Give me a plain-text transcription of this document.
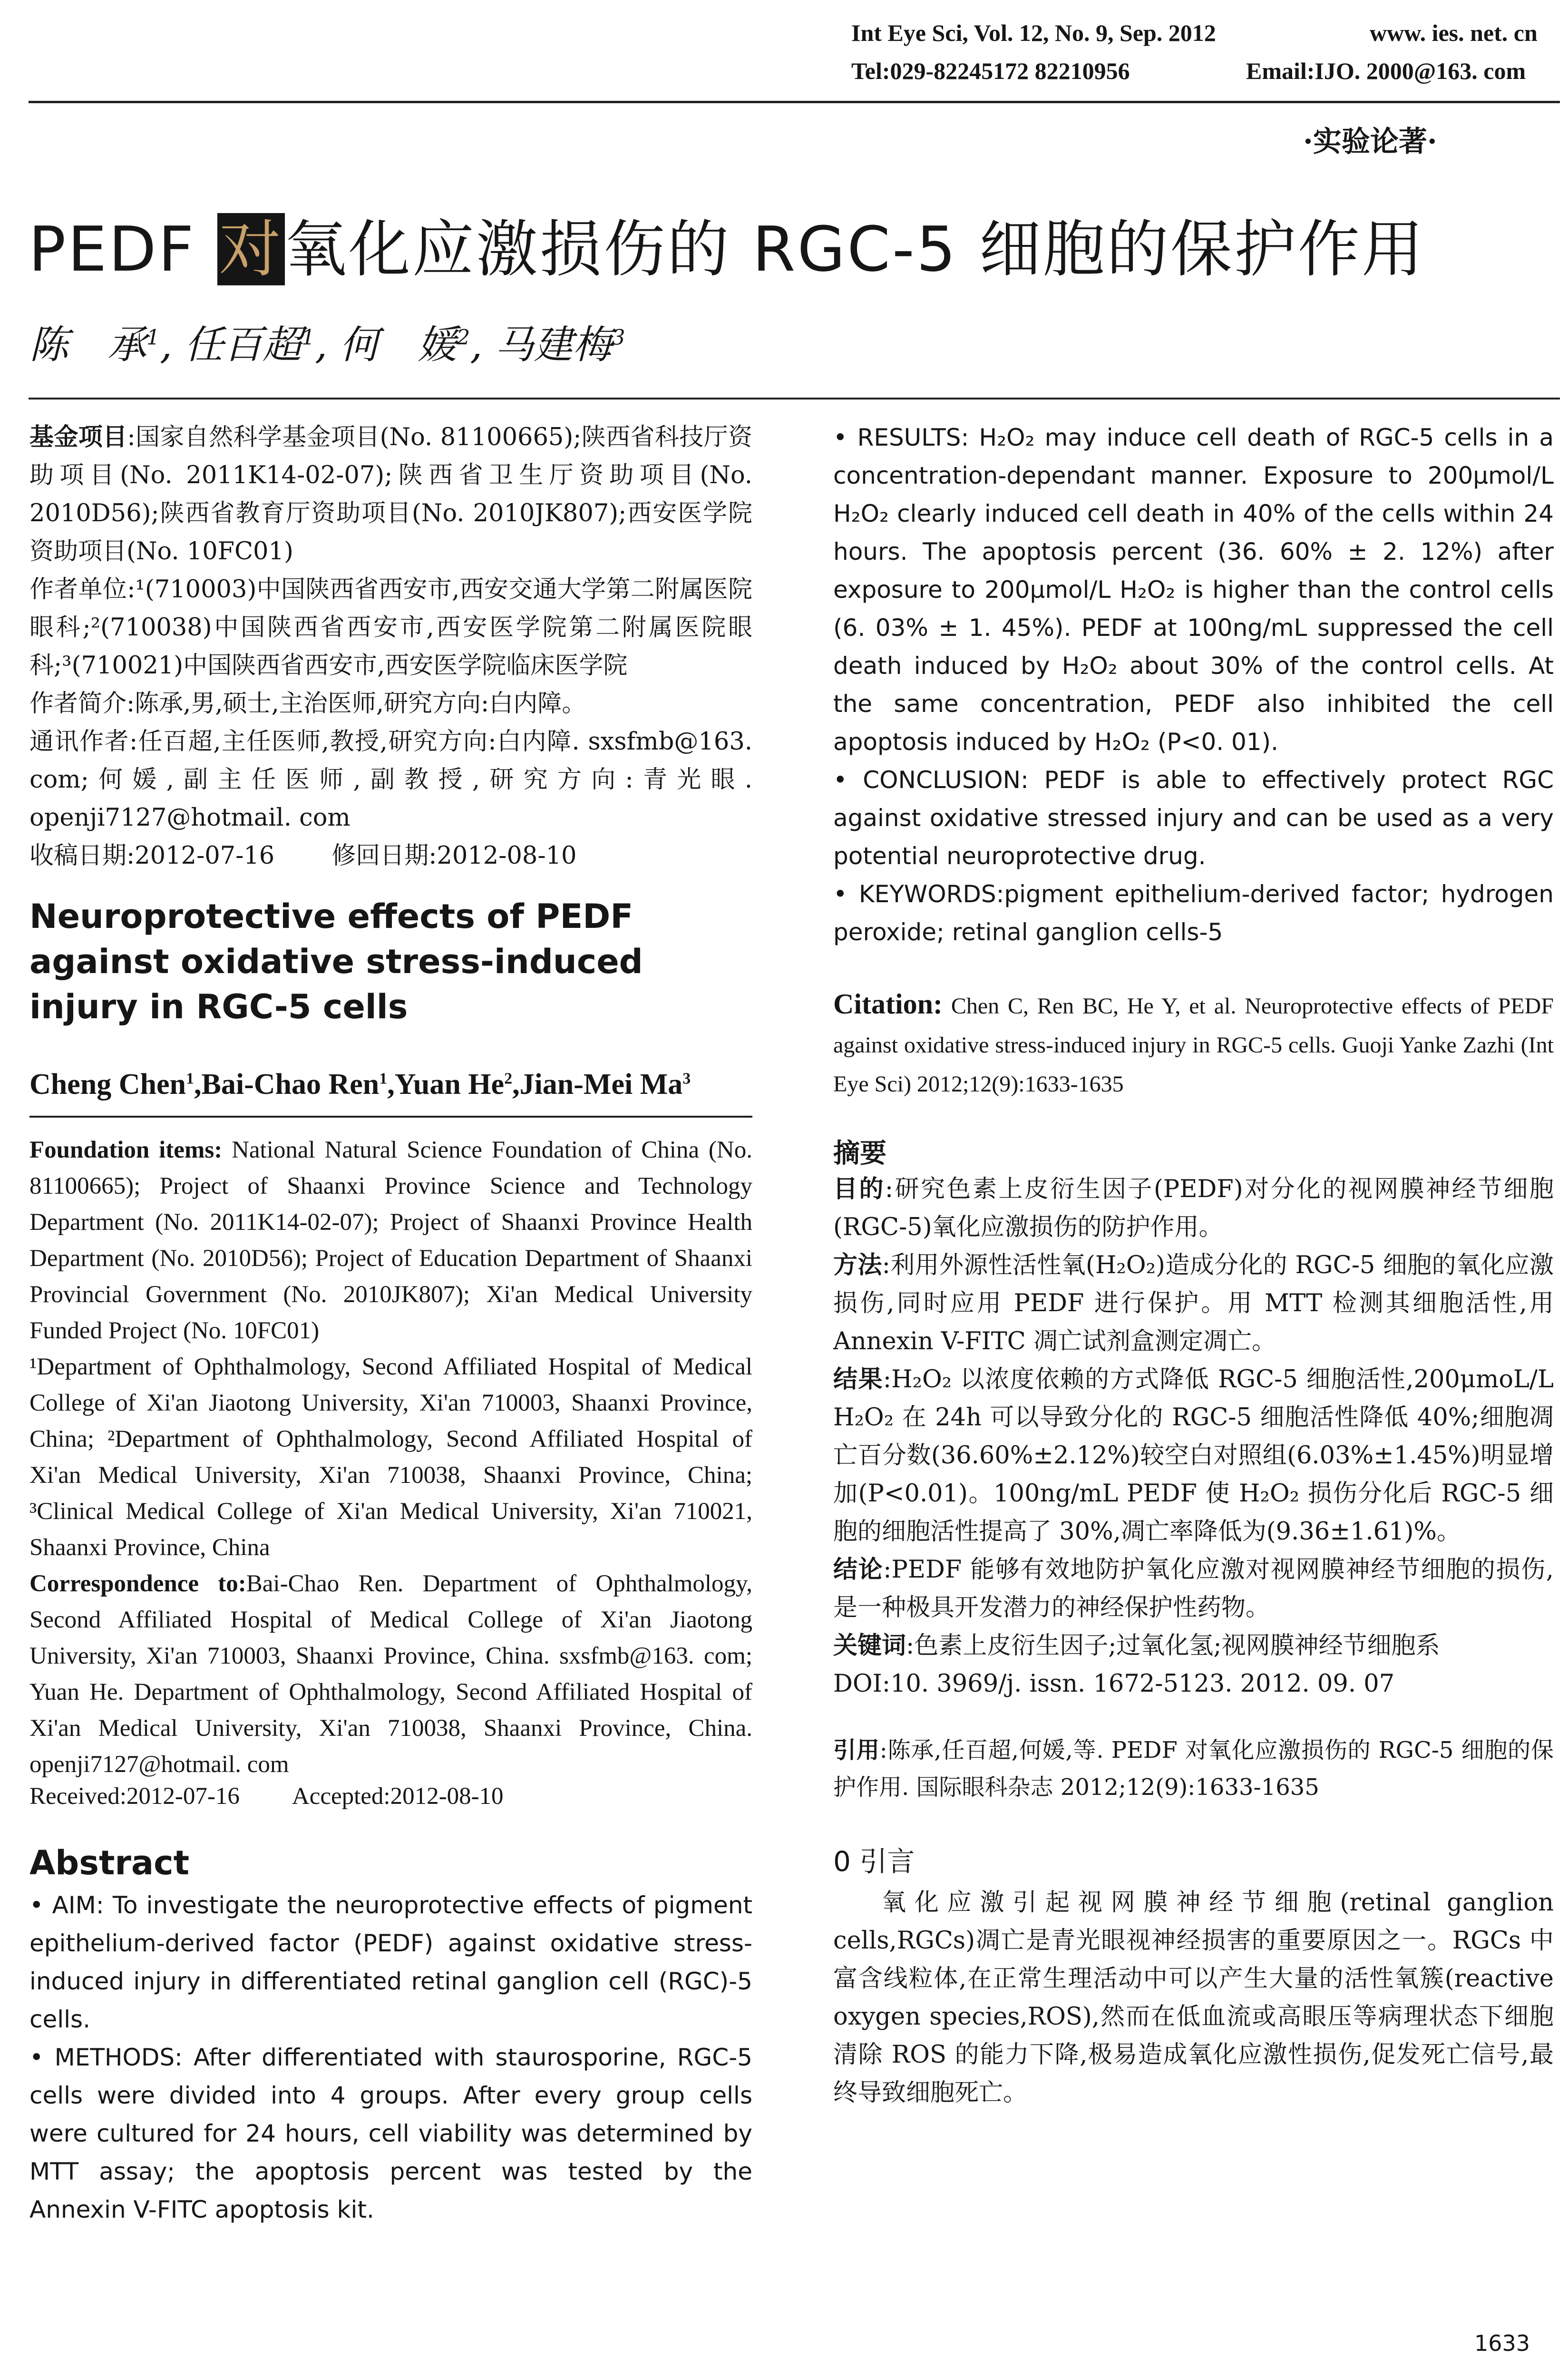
Int Eye Sci, Vol. 12, No. 9, Sep. 2012	www. ies. net. cn
Tel:029-82245172 82210956	Email:IJO. 2000@163. com
·实验论著·
PEDF 对氧化应激损伤的 RGC-5 细胞的保护作用
陈　承$^1$, 任百超$^1$, 何　媛$^2$, 马建梅$^3$
基金项目:国家自然科学基金项目(No. 81100665);陕西省科技厅资助项目(No. 2011K14-02-07);陕西省卫生厅资助项目(No. 2010D56);陕西省教育厅资助项目(No. 2010JK807);西安医学院资助项目(No. 10FC01)
作者单位:¹(710003)中国陕西省西安市,西安交通大学第二附属医院眼科;²(710038)中国陕西省西安市,西安医学院第二附属医院眼科;³(710021)中国陕西省西安市,西安医学院临床医学院
作者简介:陈承,男,硕士,主治医师,研究方向:白内障。
通讯作者:任百超,主任医师,教授,研究方向:白内障. sxsfmb@163. com;何媛,副主任医师,副教授,研究方向:青光眼. openji7127@hotmail. com
收稿日期:2012-07-16 修回日期:2012-08-10
Neuroprotective effects of PEDF against oxidative stress-induced injury in RGC-5 cells
Cheng Chen$^1$,Bai-Chao Ren$^1$,Yuan He$^2$,Jian-Mei Ma$^3$
Foundation items: National Natural Science Foundation of China (No. 81100665); Project of Shaanxi Province Science and Technology Department (No. 2011K14-02-07); Project of Shaanxi Province Health Department (No. 2010D56); Project of Education Department of Shaanxi Provincial Government (No. 2010JK807); Xi'an Medical University Funded Project (No. 10FC01)
¹Department of Ophthalmology, Second Affiliated Hospital of Medical College of Xi'an Jiaotong University, Xi'an 710003, Shaanxi Province, China; ²Department of Ophthalmology, Second Affiliated Hospital of Xi'an Medical University, Xi'an 710038, Shaanxi Province, China; ³Clinical Medical College of Xi'an Medical University, Xi'an 710021, Shaanxi Province, China
Correspondence to:Bai-Chao Ren. Department of Ophthalmology, Second Affiliated Hospital of Medical College of Xi'an Jiaotong University, Xi'an 710003, Shaanxi Province, China. sxsfmb@163. com; Yuan He. Department of Ophthalmology, Second Affiliated Hospital of Xi'an Medical University, Xi'an 710038, Shaanxi Province, China. openji7127@hotmail. com
Received:2012-07-16 Accepted:2012-08-10
Abstract
• AIM: To investigate the neuroprotective effects of pigment epithelium-derived factor (PEDF) against oxidative stress-induced injury in differentiated retinal ganglion cell (RGC)-5 cells.
• METHODS: After differentiated with staurosporine, RGC-5 cells were divided into 4 groups. After every group cells were cultured for 24 hours, cell viability was determined by MTT assay; the apoptosis percent was tested by the Annexin V-FITC apoptosis kit.
• RESULTS: H₂O₂ may induce cell death of RGC-5 cells in a concentration-dependant manner. Exposure to 200μmol/L H₂O₂ clearly induced cell death in 40% of the cells within 24 hours. The apoptosis percent (36. 60% ± 2. 12%) after exposure to 200μmol/L H₂O₂ is higher than the control cells (6. 03% ± 1. 45%). PEDF at 100ng/mL suppressed the cell death induced by H₂O₂ about 30% of the control cells. At the same concentration, PEDF also inhibited the cell apoptosis induced by H₂O₂ (P<0. 01).
• CONCLUSION: PEDF is able to effectively protect RGC against oxidative stressed injury and can be used as a very potential neuroprotective drug.
• KEYWORDS:pigment epithelium-derived factor; hydrogen peroxide; retinal ganglion cells-5
Citation: Chen C, Ren BC, He Y, et al. Neuroprotective effects of PEDF against oxidative stress-induced injury in RGC-5 cells. Guoji Yanke Zazhi (Int Eye Sci) 2012;12(9):1633-1635
摘要
目的:研究色素上皮衍生因子(PEDF)对分化的视网膜神经节细胞(RGC-5)氧化应激损伤的防护作用。
方法:利用外源性活性氧(H₂O₂)造成分化的 RGC-5 细胞的氧化应激损伤,同时应用 PEDF 进行保护。用 MTT 检测其细胞活性,用 Annexin V-FITC 凋亡试剂盒测定凋亡。
结果:H₂O₂ 以浓度依赖的方式降低 RGC-5 细胞活性,200μmoL/L H₂O₂ 在 24h 可以导致分化的 RGC-5 细胞活性降低 40%;细胞凋亡百分数(36.60%±2.12%)较空白对照组(6.03%±1.45%)明显增加(P<0.01)。100ng/mL PEDF 使 H₂O₂ 损伤分化后 RGC-5 细胞的细胞活性提高了 30%,凋亡率降低为(9.36±1.61)%。
结论:PEDF 能够有效地防护氧化应激对视网膜神经节细胞的损伤,是一种极具开发潜力的神经保护性药物。
关键词:色素上皮衍生因子;过氧化氢;视网膜神经节细胞系
DOI:10. 3969/j. issn. 1672-5123. 2012. 09. 07
引用:陈承,任百超,何媛,等. PEDF 对氧化应激损伤的 RGC-5 细胞的保护作用. 国际眼科杂志 2012;12(9):1633-1635
0 引言
氧化应激引起视网膜神经节细胞(retinal ganglion cells,RGCs)凋亡是青光眼视神经损害的重要原因之一。RGCs 中富含线粒体,在正常生理活动中可以产生大量的活性氧簇(reactive oxygen species,ROS),然而在低血流或高眼压等病理状态下细胞清除 ROS 的能力下降,极易造成氧化应激性损伤,促发死亡信号,最终导致细胞死亡。
1633
